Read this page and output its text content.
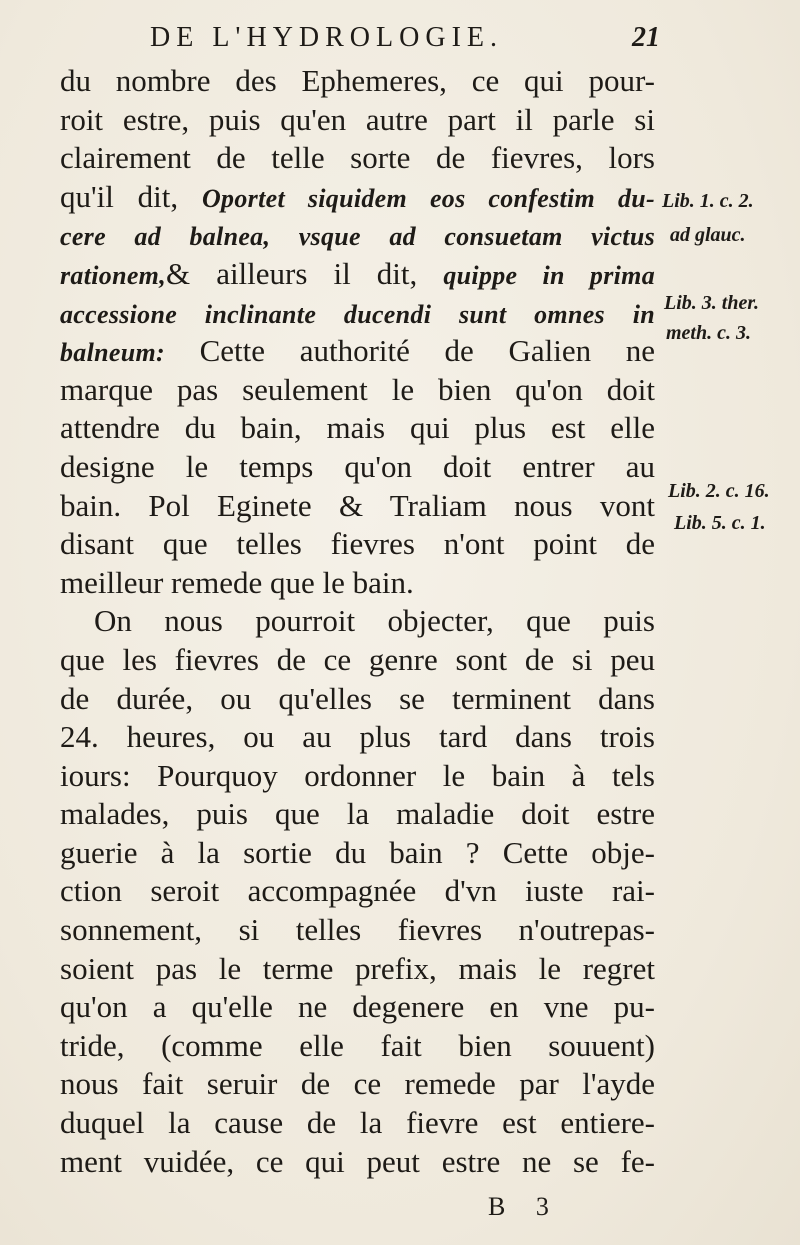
DE L'HYDROLOGIE.	21
du nombre des Ephemeres, ce qui pour-
roit estre, puis qu'en autre part il parle si
clairement de telle sorte de fievres, lors
qu'il dit, Oportet siquidem eos confestim du-
cere ad balnea, vsque ad consuetam victus
rationem,& ailleurs il dit, quippe in prima
accessione inclinante ducendi sunt omnes in
balneum: Cette authorité de Galien ne
marque pas seulement le bien qu'on doit
attendre du bain, mais qui plus est elle
designe le temps qu'on doit entrer au
bain. Pol Eginete & Traliam nous vont
disant que telles fievres n'ont point de
meilleur remede que le bain.
On nous pourroit objecter, que puis
que les fievres de ce genre sont de si peu
de durée, ou qu'elles se terminent dans
24. heures, ou au plus tard dans trois
iours: Pourquoy ordonner le bain à tels
malades, puis que la maladie doit estre
guerie à la sortie du bain ? Cette obje-
ction seroit accompagnée d'vn iuste rai-
sonnement, si telles fievres n'outrepas-
soient pas le terme prefix, mais le regret
qu'on a qu'elle ne degenere en vne pu-
tride, (comme elle fait bien souuent)
nous fait seruir de ce remede par l'ayde
duquel la cause de la fievre est entiere-
ment vuidée, ce qui peut estre ne se fe-
Lib. 1. c. 2.
ad glauc.
Lib. 3. ther.
meth. c. 3.
Lib. 2. c. 16.
Lib. 5. c. 1.
B 3
